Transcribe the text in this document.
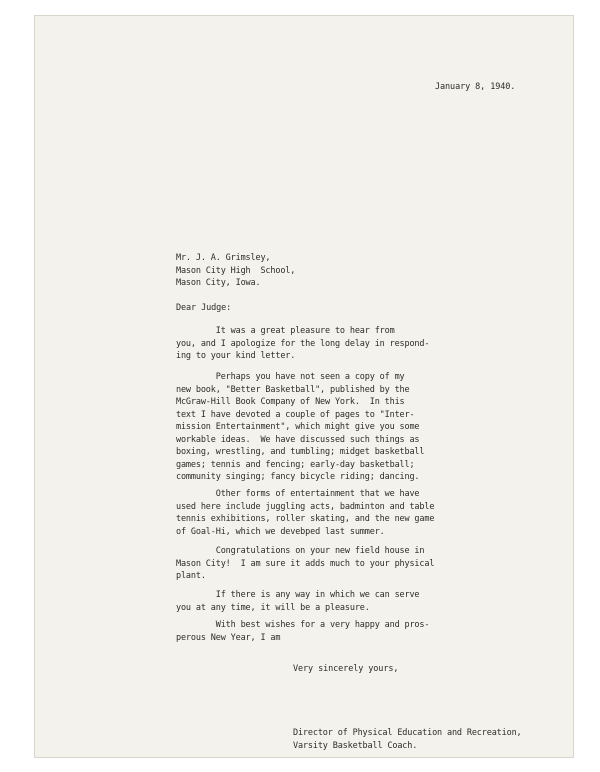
January 8, 1940.
Mr. J. A. Grimsley,
Mason City High  School,
Mason City, Iowa.
Dear Judge:
It was a great pleasure to hear from
you, and I apologize for the long delay in respond-
ing to your kind letter.
Perhaps you have not seen a copy of my
new book, "Better Basketball", published by the
McGraw-Hill Book Company of New York.  In this
text I have devoted a couple of pages to "Inter-
mission Entertainment", which might give you some
workable ideas.  We have discussed such things as
boxing, wrestling, and tumbling; midget basketball
games; tennis and fencing; early-day basketball;
community singing; fancy bicycle riding; dancing.
Other forms of entertainment that we have
used here include juggling acts, badminton and table
tennis exhibitions, roller skating, and the new game
of Goal-Hi, which we devebped last summer.
Congratulations on your new field house in
Mason City!  I am sure it adds much to your physical
plant.
If there is any way in which we can serve
you at any time, it will be a pleasure.
With best wishes for a very happy and pros-
perous New Year, I am
Very sincerely yours,
Director of Physical Education and Recreation,
Varsity Basketball Coach.
